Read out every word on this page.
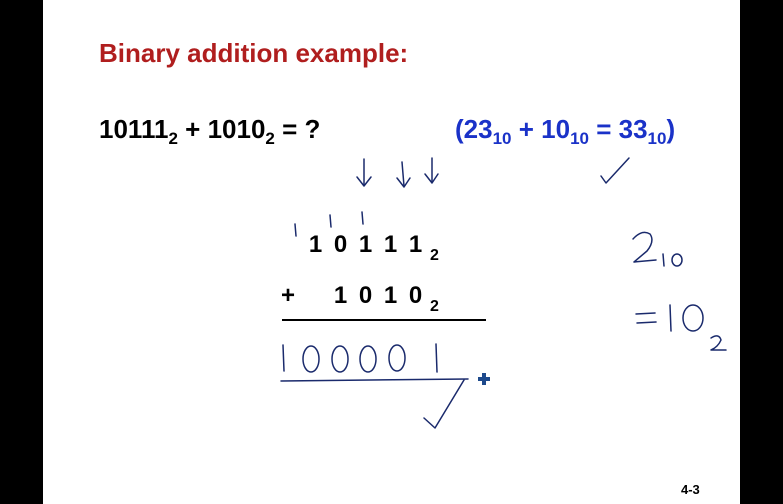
Binary addition example:
$10111_2 + 1010_2$ = ?	$(23_{10} + 10_{10} = 33_{10})$
1 0 1 1 1 $_2$
+ 1 0 1 0 $_2$
4-3
